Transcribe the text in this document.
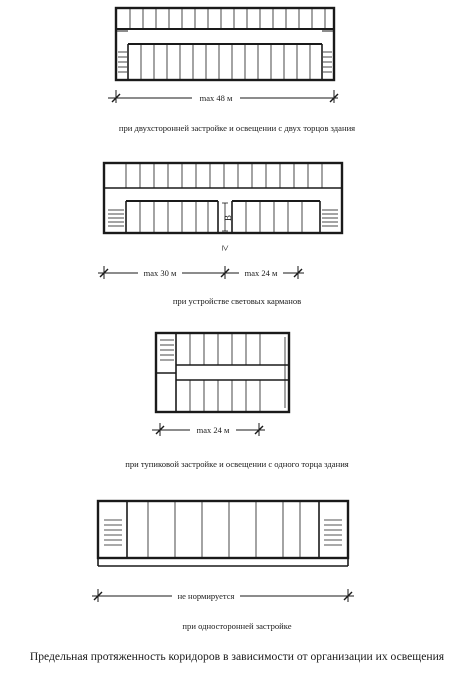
max 48 м
В
≥
max 30 м	max 24 м
max 24 м
не нормируется
при двухсторонней застройке и освещении с двух торцов здания
при устройстве световых карманов
при тупиковой застройке и освещении с одного торца здания
при односторонней застройке
Предельная протяженность коридоров в зависимости от организации их освещения
